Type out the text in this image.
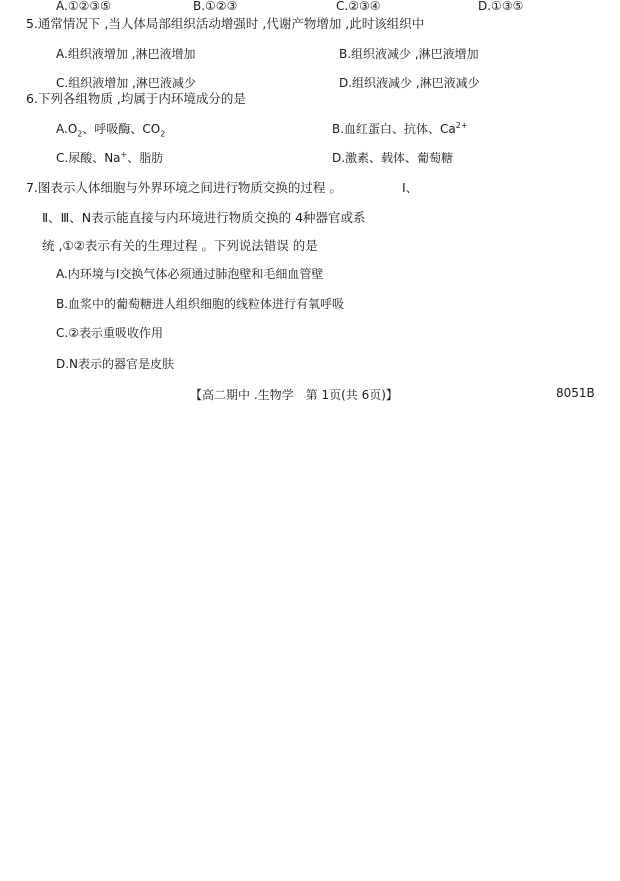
A.①②③⑤	B.①②③	C.②③④	D.①③⑤
5.通常情况下 ,当人体局部组织活动增强时 ,代谢产物增加 ,此时该组织中
A.组织液增加 ,淋巴液增加	B.组织液减少 ,淋巴液增加
C.组织液增加 ,淋巴液减少	D.组织液减少 ,淋巴液减少
6.下列各组物质 ,均属于内环境成分的是
$A.O_2$、呼吸酶、$CO_2$	B.血红蛋白、抗体、$Ca^{2+}$
C.尿酸、Na+、脂肪	D.激素、载体、葡萄糖
7.图表示人体细胞与外界环境之间进行物质交换的过程 。	I、
Ⅱ、Ⅲ、N表示能直接与内环境进行物质交换的 4种器官或系
统 ,①②表示有关的生理过程 。下列说法错误 的是
A.内环境与I交换气体必须通过肺泡壁和毛细血管壁
B.血浆中的葡萄糖进人组织细胞的线粒体进行有氧呼吸
C.②表示重吸收作用
D.N表示的器官是皮肤
【高二期中 .生物学　第 1页(共 6页)】	8051B
